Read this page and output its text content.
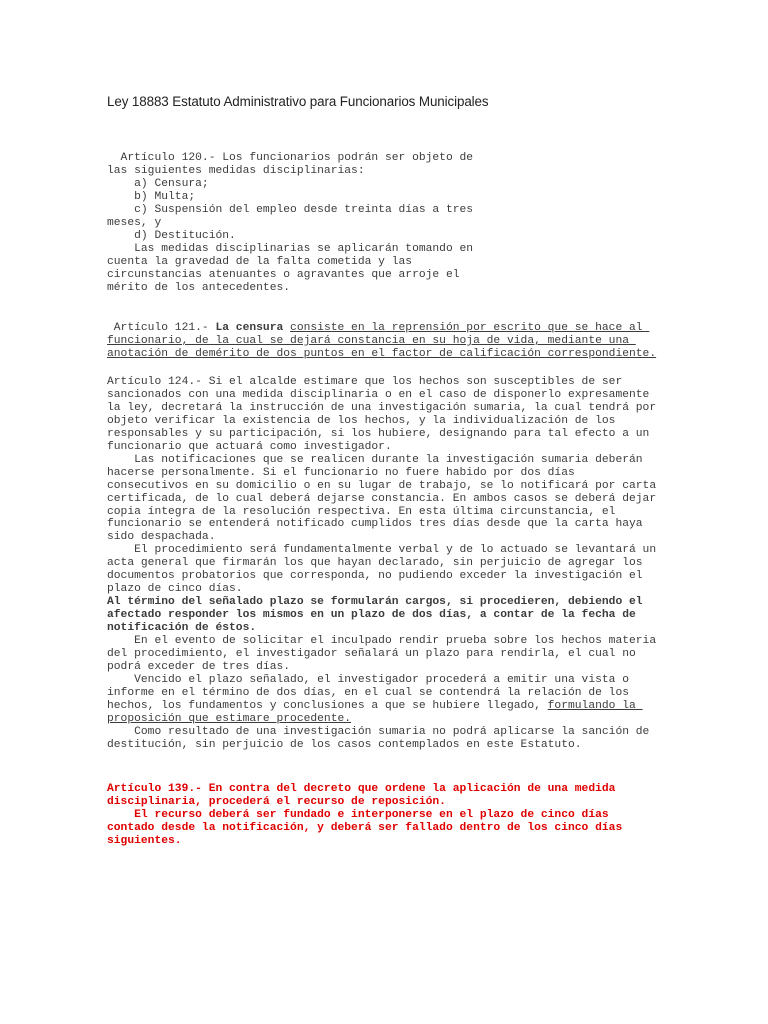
Ley 18883 Estatuto Administrativo para Funcionarios Municipales
Artículo 120.- Los funcionarios podrán ser objeto de
las siguientes medidas disciplinarias:
a) Censura;
b) Multa;
c) Suspensión del empleo desde treinta días a tres
meses, y
d) Destitución.
Las medidas disciplinarias se aplicarán tomando en
cuenta la gravedad de la falta cometida y las
circunstancias atenuantes o agravantes que arroje el
mérito de los antecedentes.
Artículo 121.- La censura consiste en la reprensión por escrito que se hace al
funcionario, de la cual se dejará constancia en su hoja de vida, mediante una
anotación de demérito de dos puntos en el factor de calificación correspondiente.
Artículo 124.- Si el alcalde estimare que los hechos son susceptibles de ser
sancionados con una medida disciplinaria o en el caso de disponerlo expresamente
la ley, decretará la instrucción de una investigación sumaria, la cual tendrá por
objeto verificar la existencia de los hechos, y la individualización de los
responsables y su participación, si los hubiere, designando para tal efecto a un
funcionario que actuará como investigador.
Las notificaciones que se realicen durante la investigación sumaria deberán
hacerse personalmente. Si el funcionario no fuere habido por dos días
consecutivos en su domicilio o en su lugar de trabajo, se lo notificará por carta
certificada, de lo cual deberá dejarse constancia. En ambos casos se deberá dejar
copia íntegra de la resolución respectiva. En esta última circunstancia, el
funcionario se entenderá notificado cumplidos tres días desde que la carta haya
sido despachada.
El procedimiento será fundamentalmente verbal y de lo actuado se levantará un
acta general que firmarán los que hayan declarado, sin perjuicio de agregar los
documentos probatorios que corresponda, no pudiendo exceder la investigación el
plazo de cinco días.
Al término del señalado plazo se formularán cargos, si procedieren, debiendo el
afectado responder los mismos en un plazo de dos días, a contar de la fecha de
notificación de éstos.
En el evento de solicitar el inculpado rendir prueba sobre los hechos materia
del procedimiento, el investigador señalará un plazo para rendirla, el cual no
podrá exceder de tres días.
Vencido el plazo señalado, el investigador procederá a emitir una vista o
informe en el término de dos días, en el cual se contendrá la relación de los
hechos, los fundamentos y conclusiones a que se hubiere llegado, formulando la
proposición que estimare procedente.
Como resultado de una investigación sumaria no podrá aplicarse la sanción de
destitución, sin perjuicio de los casos contemplados en este Estatuto.
Artículo 139.- En contra del decreto que ordene la aplicación de una medida
disciplinaria, procederá el recurso de reposición.
El recurso deberá ser fundado e interponerse en el plazo de cinco días
contado desde la notificación, y deberá ser fallado dentro de los cinco días
siguientes.
